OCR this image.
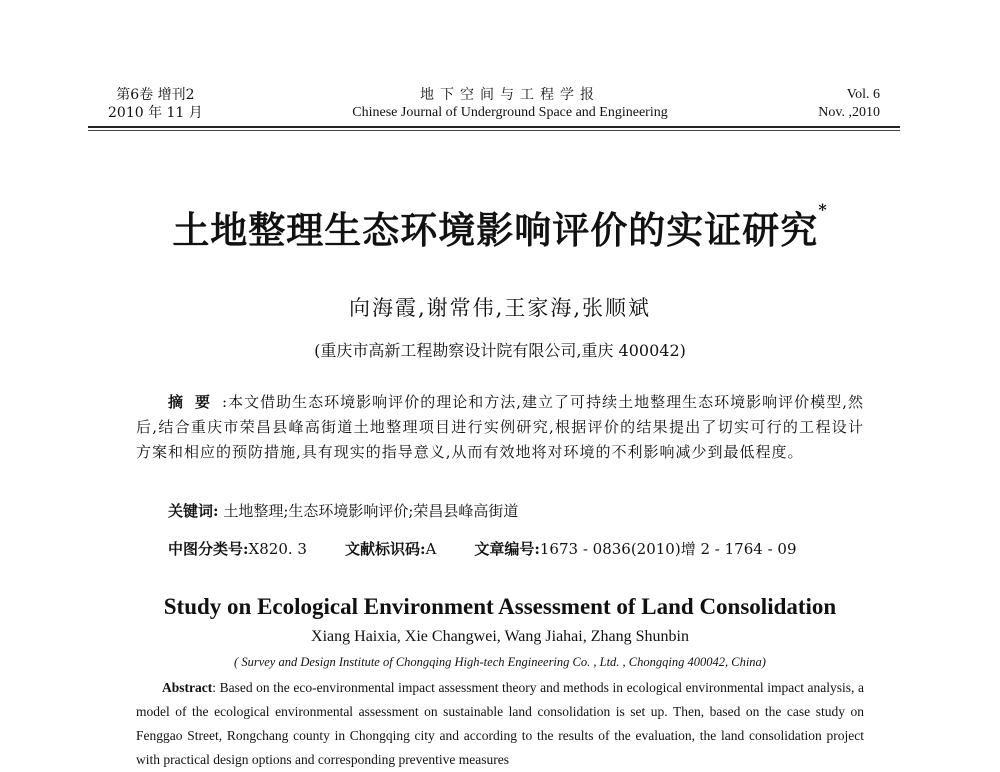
第6卷 增刊2
2010 年 11 月
地下空间与工程学报
Chinese Journal of Underground Space and Engineering
Vol. 6
Nov. ,2010
土地整理生态环境影响评价的实证研究*
向海霞,谢常伟,王家海,张顺斌
(重庆市高新工程勘察设计院有限公司,重庆 400042)
摘要:本文借助生态环境影响评价的理论和方法,建立了可持续土地整理生态环境影响评价模型,然后,结合重庆市荣昌县峰高街道土地整理项目进行实例研究,根据评价的结果提出了切实可行的工程设计方案和相应的预防措施,具有现实的指导意义,从而有效地将对环境的不利影响减少到最低程度。
关键词: 土地整理;生态环境影响评价;荣昌县峰高街道
中图分类号:X820. 3	文献标识码:A	文章编号:1673 - 0836(2010)增 2 - 1764 - 09
Study on Ecological Environment Assessment of Land Consolidation
Xiang Haixia, Xie Changwei, Wang Jiahai, Zhang Shunbin
( Survey and Design Institute of Chongqing High-tech Engineering Co. , Ltd. , Chongqing 400042, China)
Abstract: Based on the eco-environmental impact assessment theory and methods in ecological environmental impact analysis, a model of the ecological environmental assessment on sustainable land consolidation is set up. Then, based on the case study on Fenggao Street, Rongchang county in Chongqing city and according to the results of the evaluation, the land consolidation project with practical design options and corresponding preventive measures
